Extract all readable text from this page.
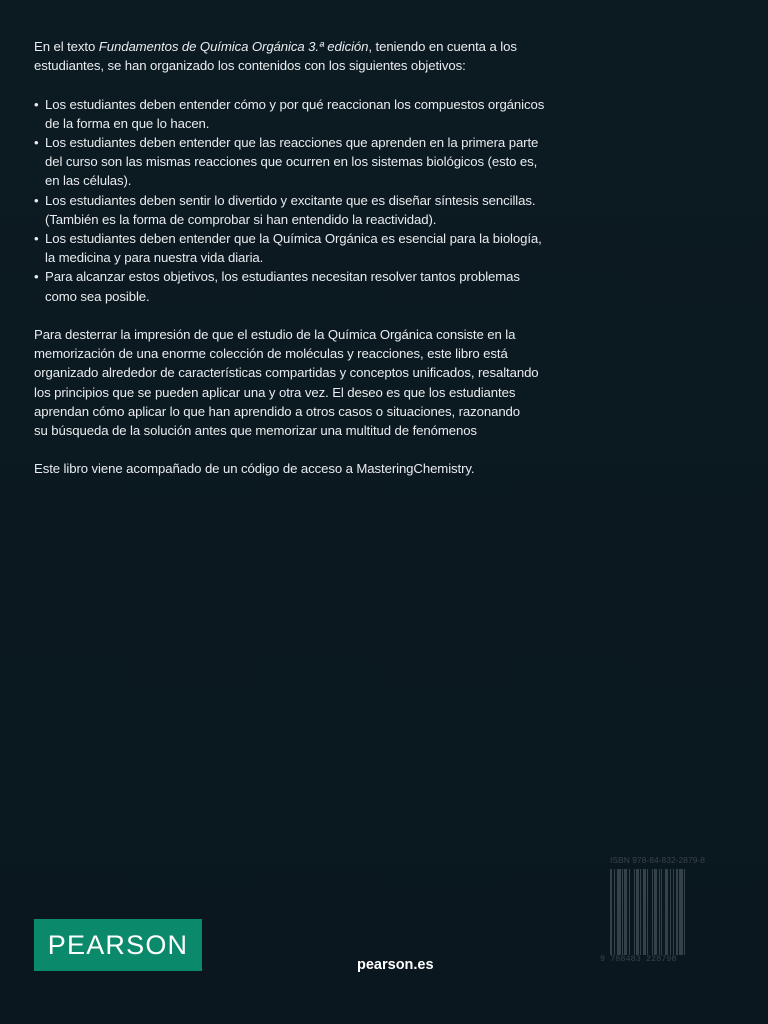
En el texto Fundamentos de Química Orgánica 3.ª edición, teniendo en cuenta a los
estudiantes, se han organizado los contenidos con los siguientes objetivos:

• Los estudiantes deben entender cómo y por qué reaccionan los compuestos orgánicos
de la forma en que lo hacen.
• Los estudiantes deben entender que las reacciones que aprenden en la primera parte
del curso son las mismas reacciones que ocurren en los sistemas biológicos (esto es,
en las células).
• Los estudiantes deben sentir lo divertido y excitante que es diseñar síntesis sencillas.
(También es la forma de comprobar si han entendido la reactividad).
• Los estudiantes deben entender que la Química Orgánica es esencial para la biología,
la medicina y para nuestra vida diaria.
• Para alcanzar estos objetivos, los estudiantes necesitan resolver tantos problemas
como sea posible.

Para desterrar la impresión de que el estudio de la Química Orgánica consiste en la
memorización de una enorme colección de moléculas y reacciones, este libro está
organizado alrededor de características compartidas y conceptos unificados, resaltando
los principios que se pueden aplicar una y otra vez. El deseo es que los estudiantes
aprendan cómo aplicar lo que han aprendido a otros casos o situaciones, razonando
su búsqueda de la solución antes que memorizar una multitud de fenómenos

Este libro viene acompañado de un código de acceso a MasteringChemistry.

PEARSON
pearson.es
ISBN 978-84-832-2879-8
9 788483 228798
